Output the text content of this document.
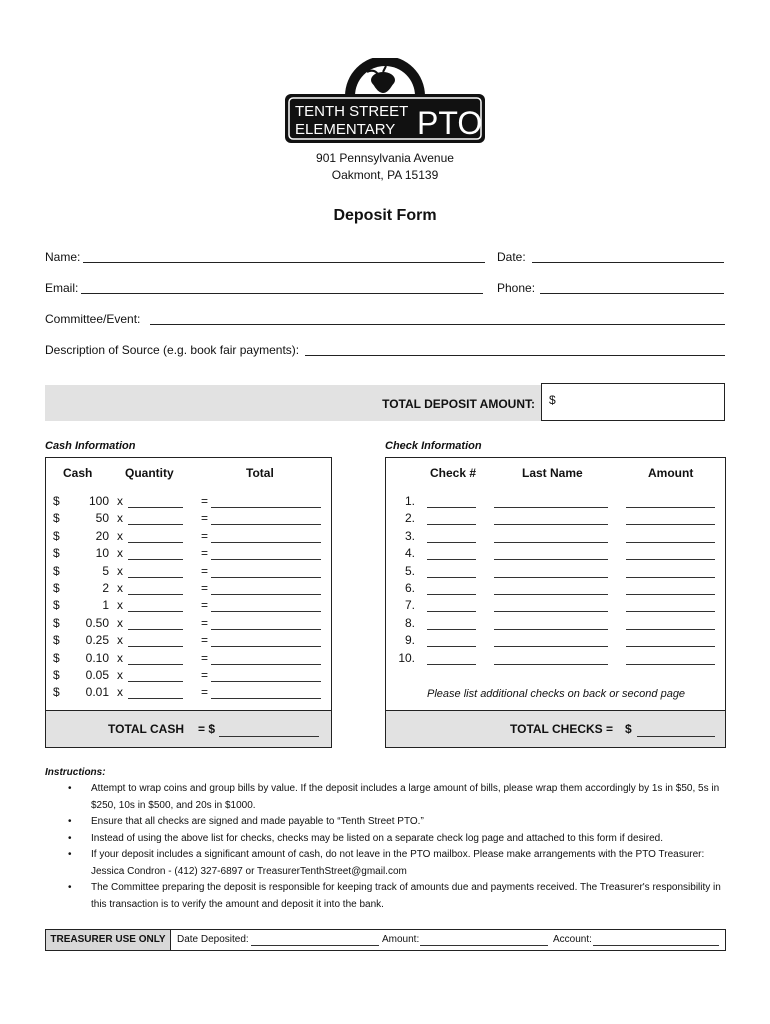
TENTH STREET
ELEMENTARY PTO
901 Pennsylvania Avenue
Oakmont, PA 15139
Deposit Form
Name:	Date:
Email:	Phone:
Committee/Event:
Description of Source (e.g. book fair payments):
TOTAL DEPOSIT AMOUNT: $
Cash Information
Cash	Quantity	Total
$ 100 x	=
$	50 x	=
$	20 x	=
$	10 x	=
$	5 x	=
$	2 x	=
$	1 x	=
$ 0.50 x	=
$ 0.25 x	=
$ 0.10 x	=
$ 0.05 x	=
$ 0.01 x	=
TOTAL CASH = $
Check Information
Check #	Last Name	Amount
1.
2.
3.
4.
5.
6.
7.
8.
9.
10.
Please list additional checks on back or second page
TOTAL CHECKS = $
Instructions:
• Attempt to wrap coins and group bills by value. If the deposit includes a large amount of bills, please wrap them accordingly by 1s in $50, 5s in $250, 10s in $500, and 20s in $1000.
• Ensure that all checks are signed and made payable to “Tenth Street PTO.”
• Instead of using the above list for checks, checks may be listed on a separate check log page and attached to this form if desired.
• If your deposit includes a significant amount of cash, do not leave in the PTO mailbox. Please make arrangements with the PTO Treasurer: Jessica Condron - (412) 327-6897 or TreasurerTenthStreet@gmail.com
• The Committee preparing the deposit is responsible for keeping track of amounts due and payments received. The Treasurer's responsibility in this transaction is to verify the amount and deposit it into the bank.
TREASURER USE ONLY	Date Deposited:	Amount:	Account:
